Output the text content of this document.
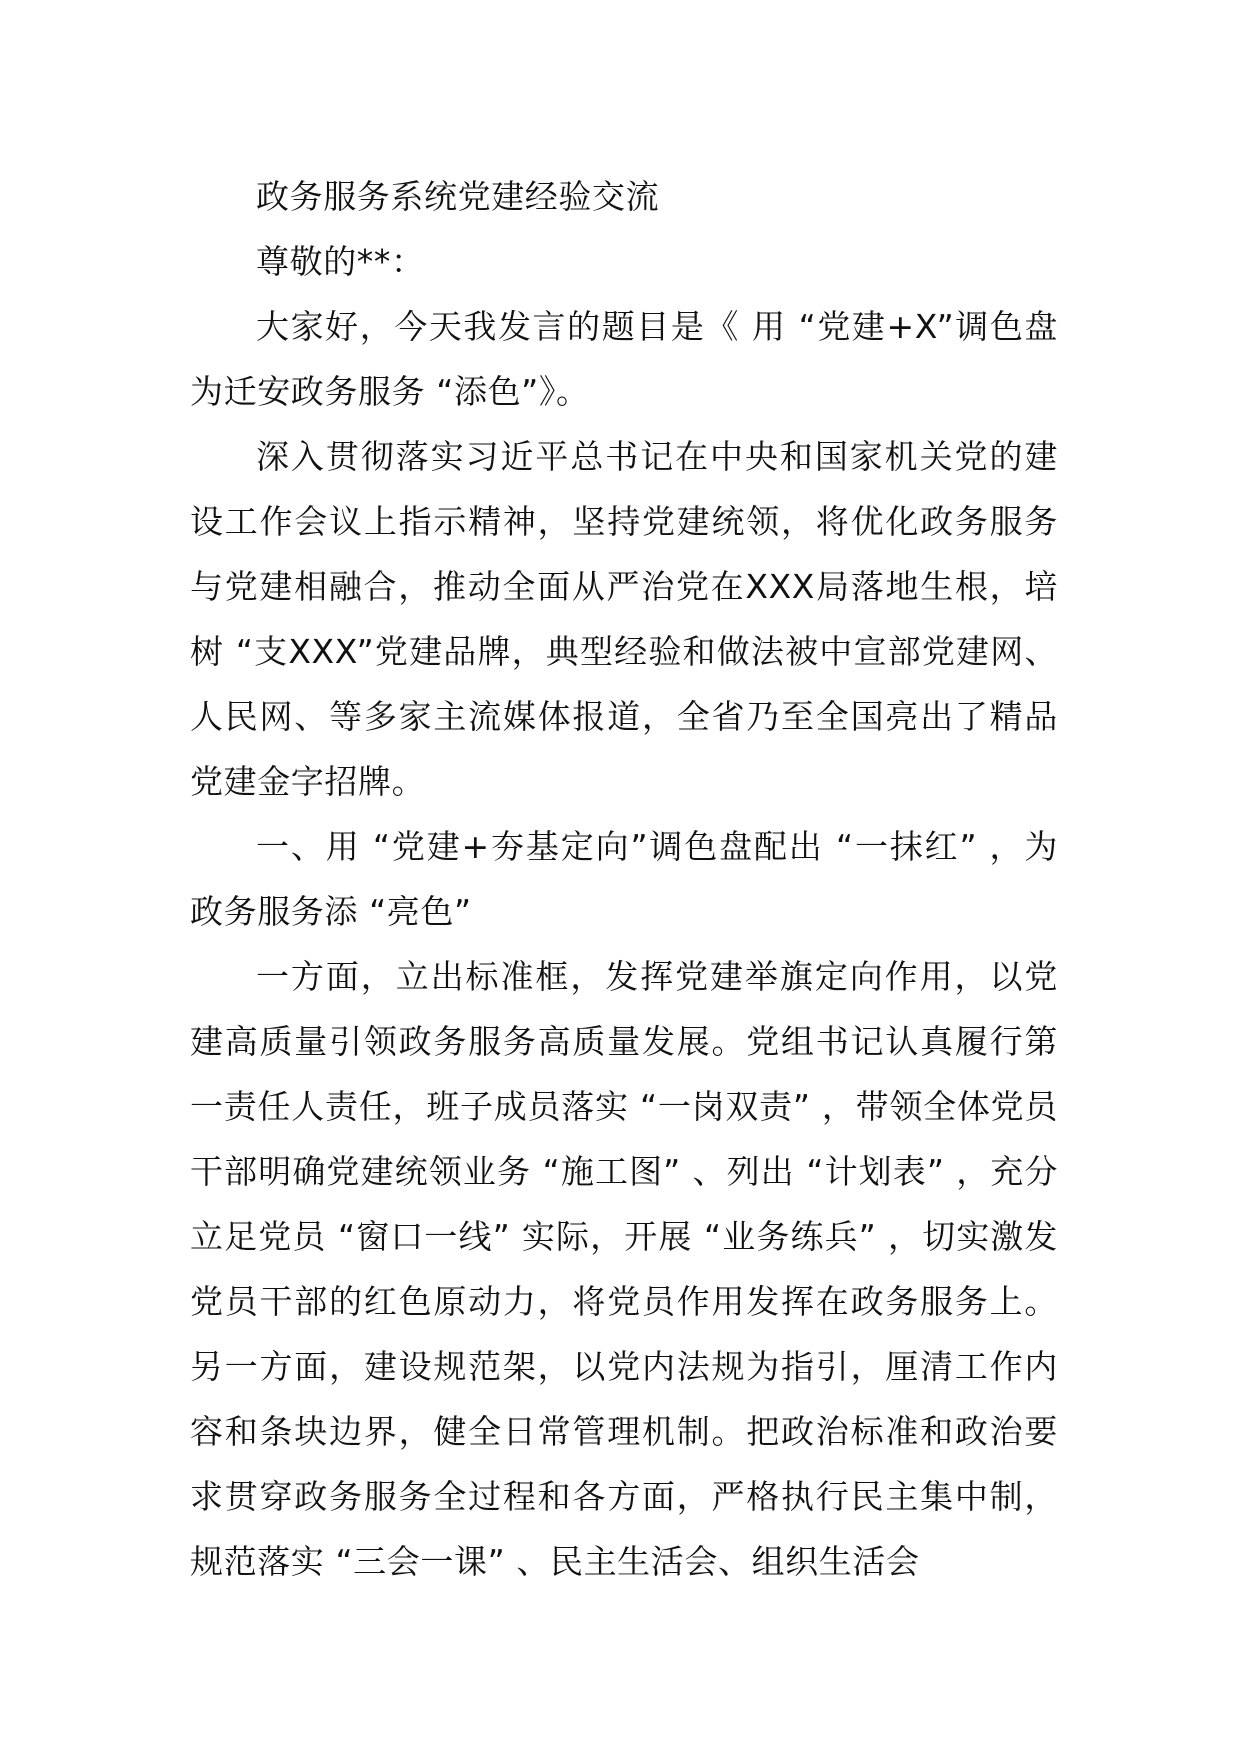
政务服务系统党建经验交流

尊敬的**：

大家好，今天我发言的题目是《 用 “党建+X”调色盘为迁安政务服务 “添色”》。

深入贯彻落实习近平总书记在中央和国家机关党的建设工作会议上指示精神，坚持党建统领，将优化政务服务与党建相融合，推动全面从严治党在XXX局落地生根，培树 “支XXX”党建品牌，典型经验和做法被中宣部党建网、人民网、等多家主流媒体报道，全省乃至全国亮出了精品党建金字招牌。

一、用 “党建+夯基定向”调色盘配出 “一抹红” ，为政务服务添 “亮色”

一方面，立出标准框，发挥党建举旗定向作用，以党建高质量引领政务服务高质量发展。党组书记认真履行第一责任人责任，班子成员落实 “一岗双责” ，带领全体党员干部明确党建统领业务 “施工图” 、列出 “计划表” ，充分立足党员 “窗口一线” 实际，开展 “业务练兵” ，切实激发党员干部的红色原动力，将党员作用发挥在政务服务上。另一方面，建设规范架，以党内法规为指引，厘清工作内容和条块边界，健全日常管理机制。把政治标准和政治要求贯穿政务服务全过程和各方面，严格执行民主集中制，规范落实 “三会一课” 、民主生活会、组织生活会
